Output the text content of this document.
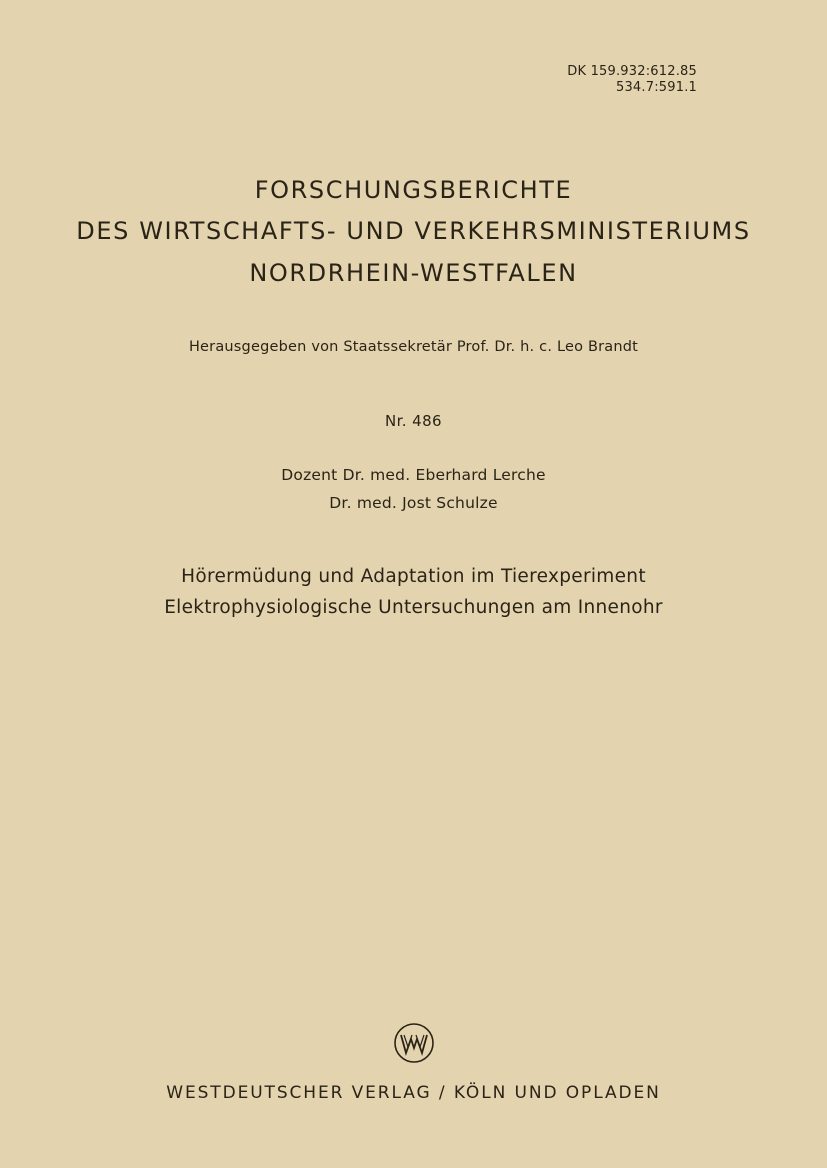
DK 159.932:612.85
534.7:591.1
FORSCHUNGSBERICHTE
DES WIRTSCHAFTS- UND VERKEHRSMINISTERIUMS
NORDRHEIN-WESTFALEN
Herausgegeben von Staatssekretär Prof. Dr. h. c. Leo Brandt
Nr. 486
Dozent Dr. med. Eberhard Lerche
Dr. med. Jost Schulze
Hörermüdung und Adaptation im Tierexperiment
Elektrophysiologische Untersuchungen am Innenohr
WESTDEUTSCHER VERLAG / KÖLN UND OPLADEN
